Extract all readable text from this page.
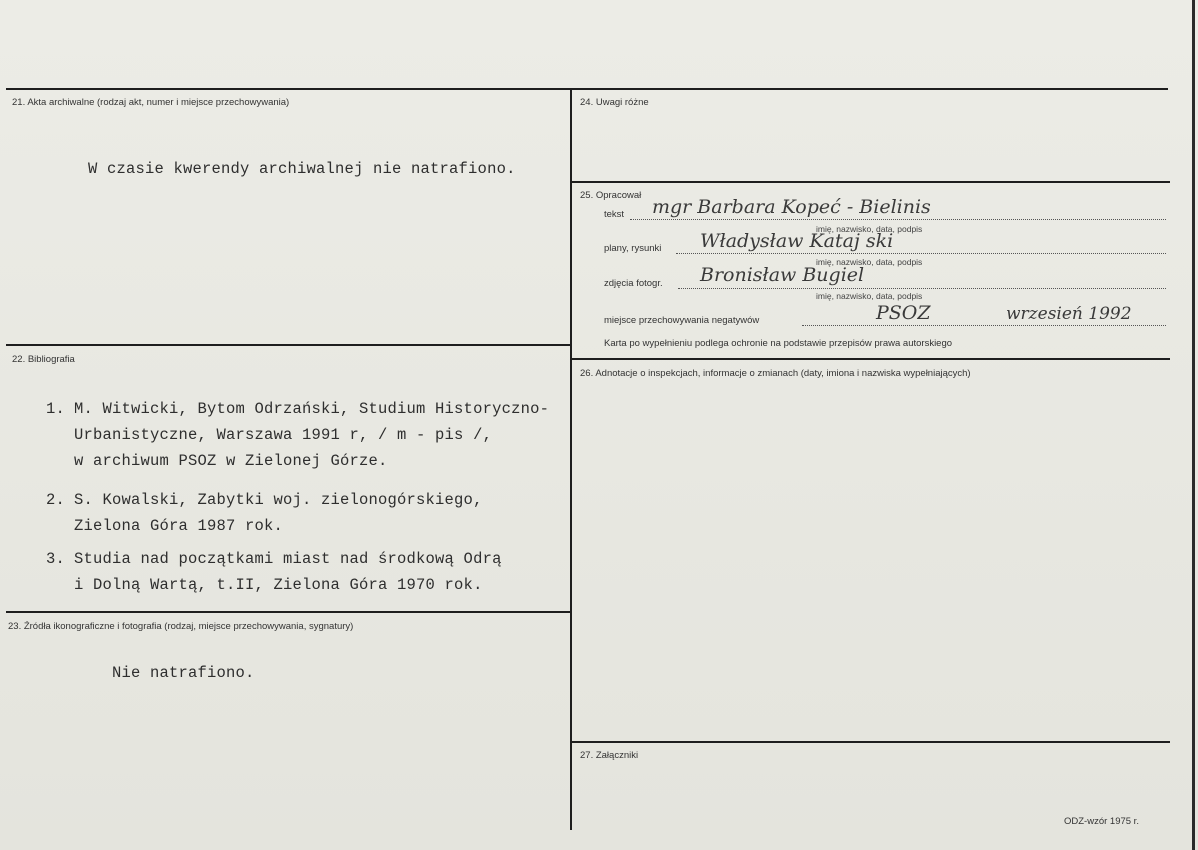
21. Akta archiwalne (rodzaj akt, numer i miejsce przechowywania)
W czasie kwerendy archiwalnej nie natrafiono.
22. Bibliografia
1. M. Witwicki, Bytom Odrzański, Studium Historyczno-
Urbanistyczne, Warszawa 1991 r, / m - pis /,
w archiwum PSOZ w Zielonej Górze.
2. S. Kowalski, Zabytki woj. zielonogórskiego,
Zielona Góra 1987 rok.
3. Studia nad początkami miast nad środkową Odrą
i Dolną Wartą, t.II, Zielona Góra 1970 rok.
23. Źródła ikonograficzne i fotografia (rodzaj, miejsce przechowywania, sygnatury)
Nie natrafiono.
24. Uwagi różne
25. Opracował
tekst mgr Barbara Kopeć - Bielinis
imię, nazwisko, data, podpis
plany, rysunki Władysław Kataj ski
imię, nazwisko, data, podpis
zdjęcia fotogr. Bronisław Bugiel
imię, nazwisko, data, podpis
miejsce przechowywania negatywów	PSOZ	wrzesień 1992
Karta po wypełnieniu podlega ochronie na podstawie przepisów prawa autorskiego
26. Adnotacje o inspekcjach, informacje o zmianach (daty, imiona i nazwiska wypełniających)
27. Załączniki
ODZ-wzór 1975 r.
